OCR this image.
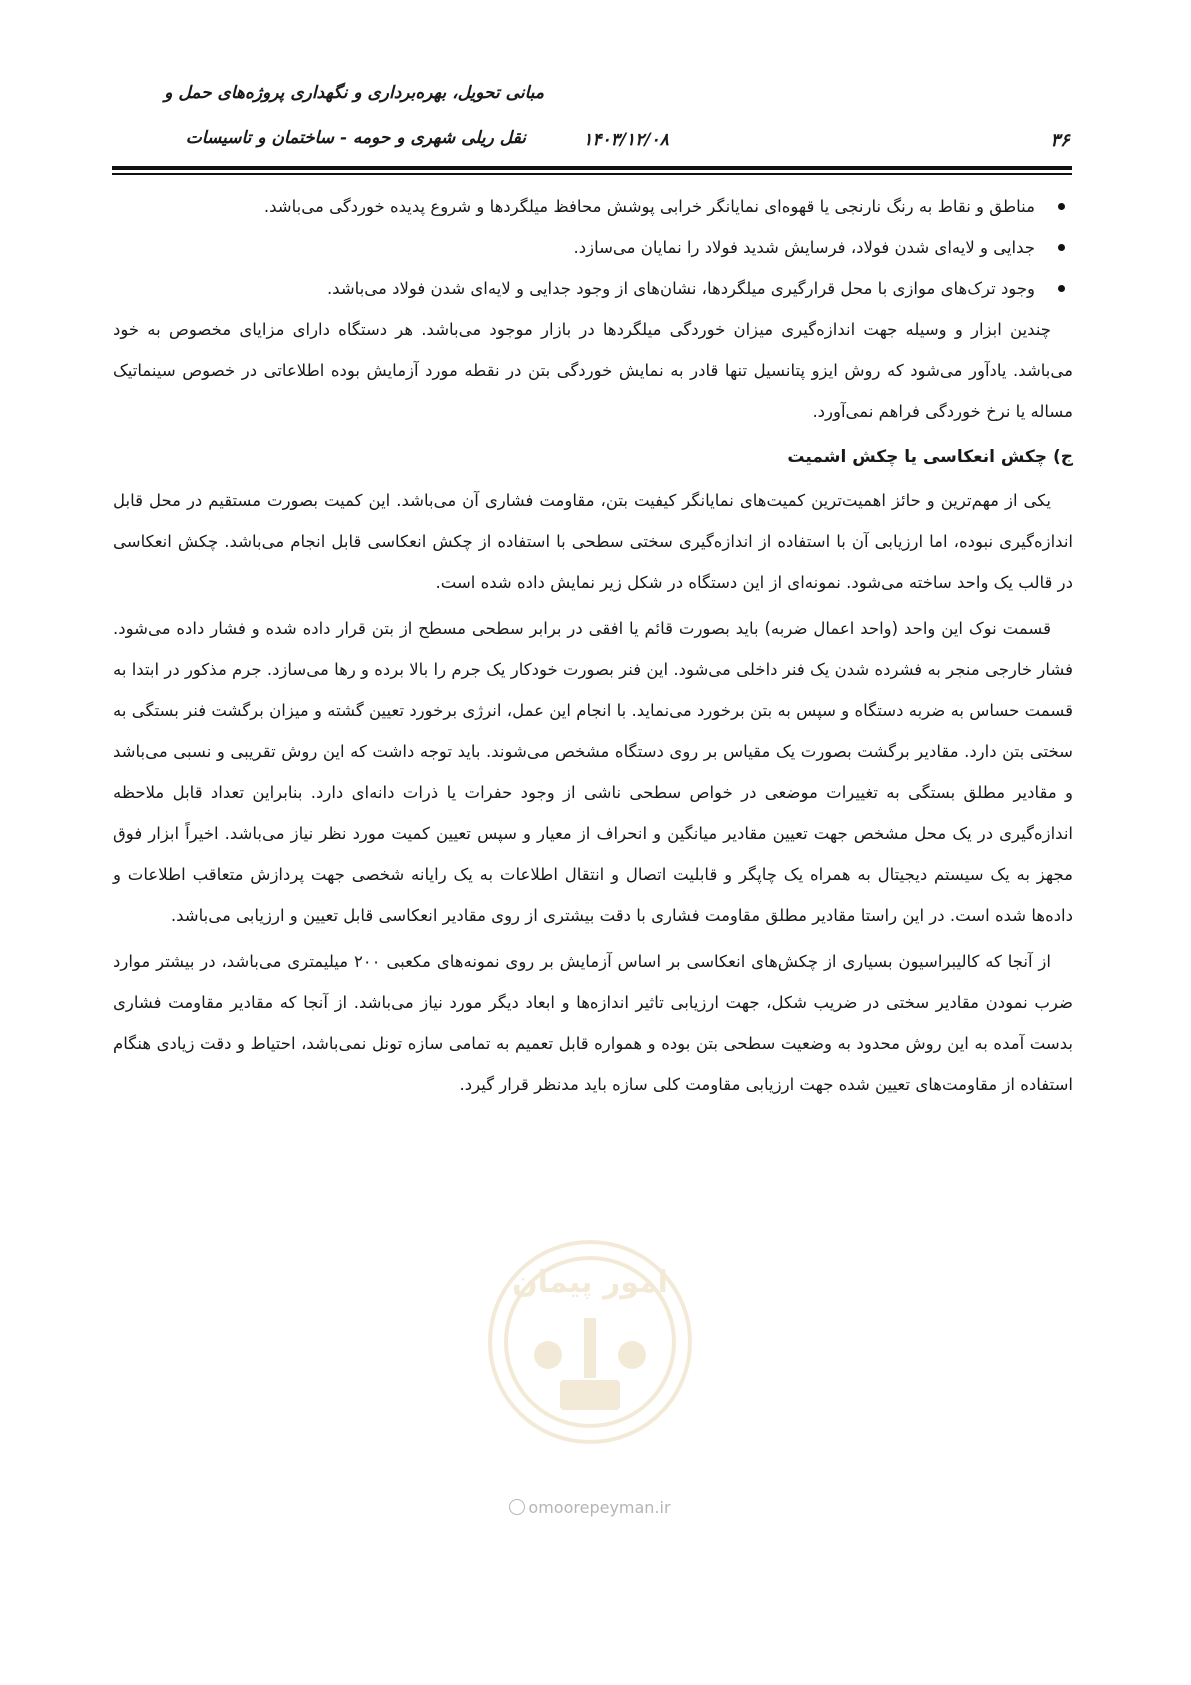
مبانی تحویل، بهره‌برداری و نگهداری پروژه‌های حمل و
نقل ریلی شهری و حومه - ساختمان و تاسیسات	۱۴۰۳/۱۲/۰۸	۳۶
مناطق و نقاط به رنگ نارنجی یا قهوه‌ای نمایانگر خرابی پوشش محافظ میلگردها و شروع پدیده خوردگی می‌باشد.
جدایی و لایه‌ای شدن فولاد، فرسایش شدید فولاد را نمایان می‌سازد.
وجود ترک‌های موازی با محل قرارگیری میلگردها، نشان‌های از وجود جدایی و لایه‌ای شدن فولاد می‌باشد.

چندین ابزار و وسیله جهت اندازه‌گیری میزان خوردگی میلگردها در بازار موجود می‌باشد. هر دستگاه دارای مزایای مخصوص به خود می‌باشد. یادآور می‌شود که روش ایزو پتانسیل تنها قادر به نمایش خوردگی بتن در نقطه مورد آزمایش بوده اطلاعاتی در خصوص سینماتیک مساله یا نرخ خوردگی فراهم نمی‌آورد.

ج) چکش انعکاسی یا چکش اشمیت

یکی از مهم‌ترین و حائز اهمیت‌ترین کمیت‌های نمایانگر کیفیت بتن، مقاومت فشاری آن می‌باشد. این کمیت بصورت مستقیم در محل قابل اندازه‌گیری نبوده، اما ارزیابی آن با استفاده از اندازه‌گیری سختی سطحی با استفاده از چکش انعکاسی قابل انجام می‌باشد. چکش انعکاسی در قالب یک واحد ساخته می‌شود. نمونه‌ای از این دستگاه در شکل زیر نمایش داده شده است.

قسمت نوک این واحد (واحد اعمال ضربه) باید بصورت قائم یا افقی در برابر سطحی مسطح از بتن قرار داده شده و فشار داده می‌شود. فشار خارجی منجر به فشرده شدن یک فنر داخلی می‌شود. این فنر بصورت خودکار یک جرم را بالا برده و رها می‌سازد. جرم مذکور در ابتدا به قسمت حساس به ضربه دستگاه و سپس به بتن برخورد می‌نماید. با انجام این عمل، انرژی برخورد تعیین گشته و میزان برگشت فنر بستگی به سختی بتن دارد. مقادیر برگشت بصورت یک مقیاس بر روی دستگاه مشخص می‌شوند. باید توجه داشت که این روش تقریبی و نسبی می‌باشد و مقادیر مطلق بستگی به تغییرات موضعی در خواص سطحی ناشی از وجود حفرات یا ذرات دانه‌ای دارد. بنابراین تعداد قابل ملاحظه اندازه‌گیری در یک محل مشخص جهت تعیین مقادیر میانگین و انحراف از معیار و سپس تعیین کمیت مورد نظر نیاز می‌باشد. اخیراً ابزار فوق مجهز به یک سیستم دیجیتال به همراه یک چاپگر و قابلیت اتصال و انتقال اطلاعات به یک رایانه شخصی جهت پردازش متعاقب اطلاعات و داده‌ها شده است. در این راستا مقادیر مطلق مقاومت فشاری با دقت بیشتری از روی مقادیر انعکاسی قابل تعیین و ارزیابی می‌باشد.

از آنجا که کالیبراسیون بسیاری از چکش‌های انعکاسی بر اساس آزمایش بر روی نمونه‌های مکعبی ۲۰۰ میلیمتری می‌باشد، در بیشتر موارد ضرب نمودن مقادیر سختی در ضریب شکل، جهت ارزیابی تاثیر اندازه‌ها و ابعاد دیگر مورد نیاز می‌باشد. از آنجا که مقادیر مقاومت فشاری بدست آمده به این روش محدود به وضعیت سطحی بتن بوده و همواره قابل تعمیم به تمامی سازه تونل نمی‌باشد، احتیاط و دقت زیادی هنگام استفاده از مقاومت‌های تعیین شده جهت ارزیابی مقاومت کلی سازه باید مدنظر قرار گیرد.

امور پیمان
omoorepeyman.ir
